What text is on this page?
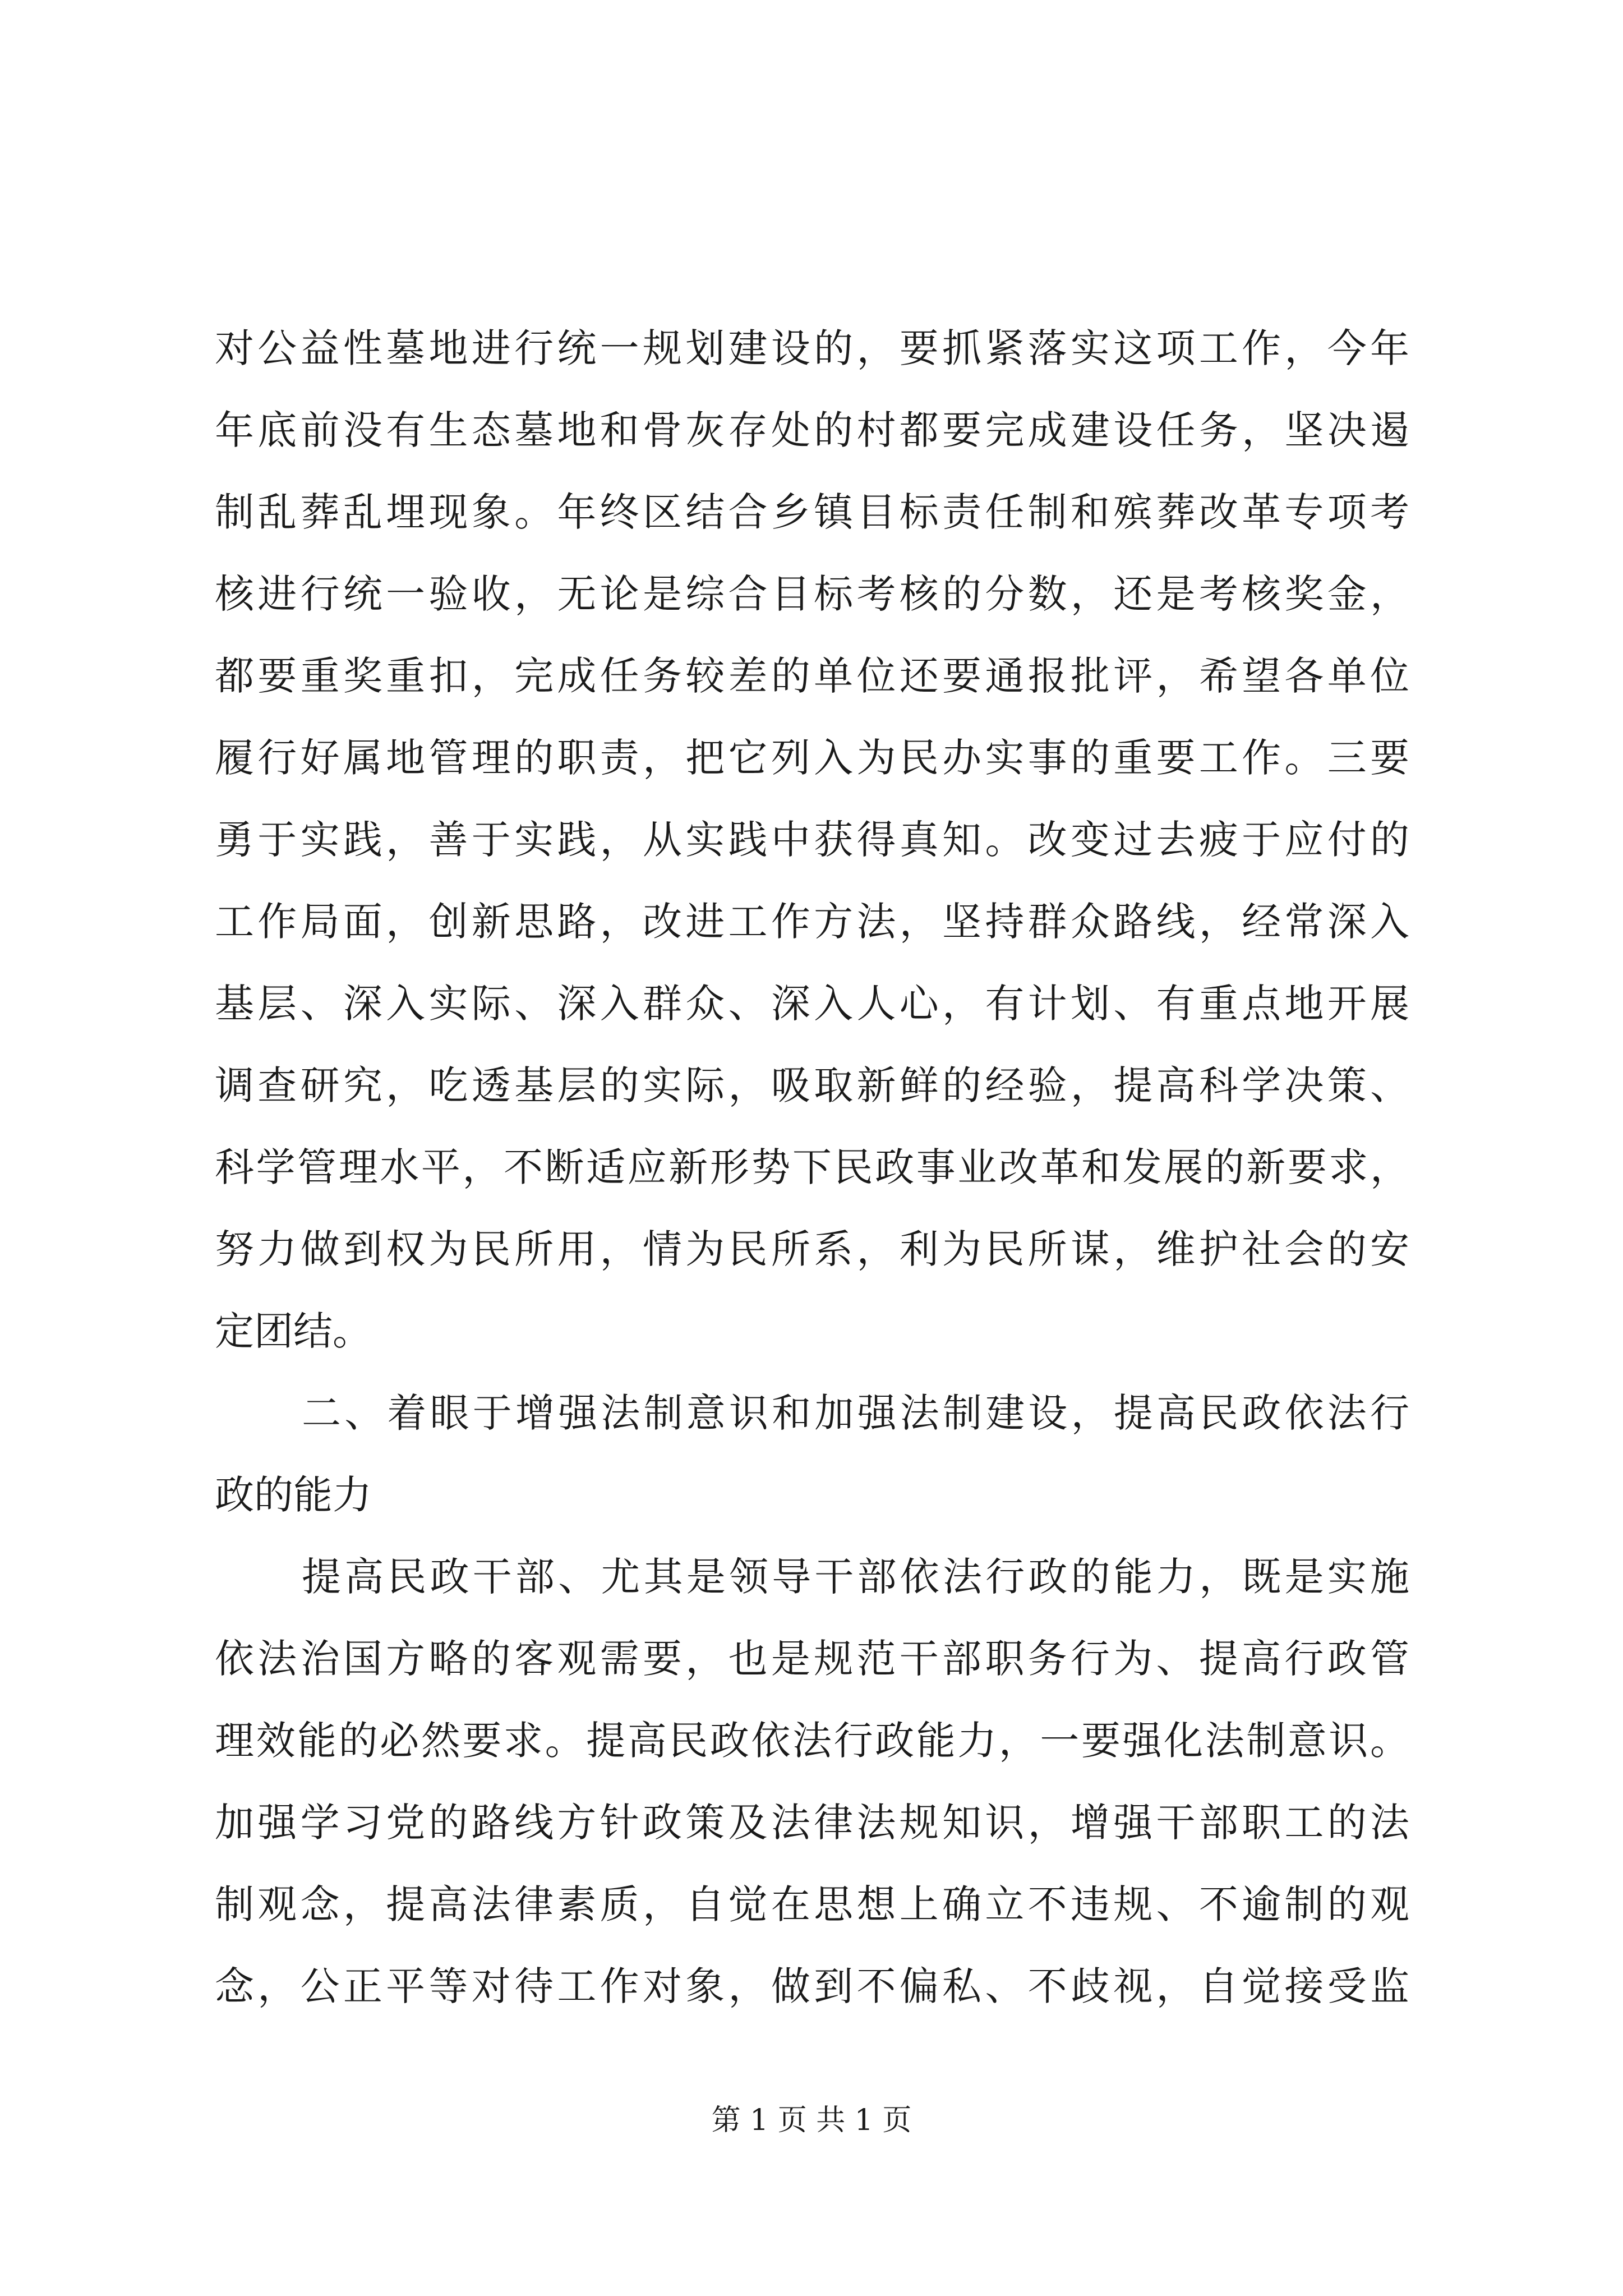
对公益性墓地进行统一规划建设的，要抓紧落实这项工作，今年
年底前没有生态墓地和骨灰存处的村都要完成建设任务，坚决遏
制乱葬乱埋现象。年终区结合乡镇目标责任制和殡葬改革专项考
核进行统一验收，无论是综合目标考核的分数，还是考核奖金，
都要重奖重扣，完成任务较差的单位还要通报批评，希望各单位
履行好属地管理的职责，把它列入为民办实事的重要工作。三要
勇于实践，善于实践，从实践中获得真知。改变过去疲于应付的
工作局面，创新思路，改进工作方法，坚持群众路线，经常深入
基层、深入实际、深入群众、深入人心，有计划、有重点地开展
调查研究，吃透基层的实际，吸取新鲜的经验，提高科学决策、
科学管理水平，不断适应新形势下民政事业改革和发展的新要求，
努力做到权为民所用，情为民所系，利为民所谋，维护社会的安
定团结。
二、着眼于增强法制意识和加强法制建设，提高民政依法行
政的能力
提高民政干部、尤其是领导干部依法行政的能力，既是实施
依法治国方略的客观需要，也是规范干部职务行为、提高行政管
理效能的必然要求。提高民政依法行政能力，一要强化法制意识。
加强学习党的路线方针政策及法律法规知识，增强干部职工的法
制观念，提高法律素质，自觉在思想上确立不违规、不逾制的观
念，公正平等对待工作对象，做到不偏私、不歧视，自觉接受监
第 1 页 共 1 页
